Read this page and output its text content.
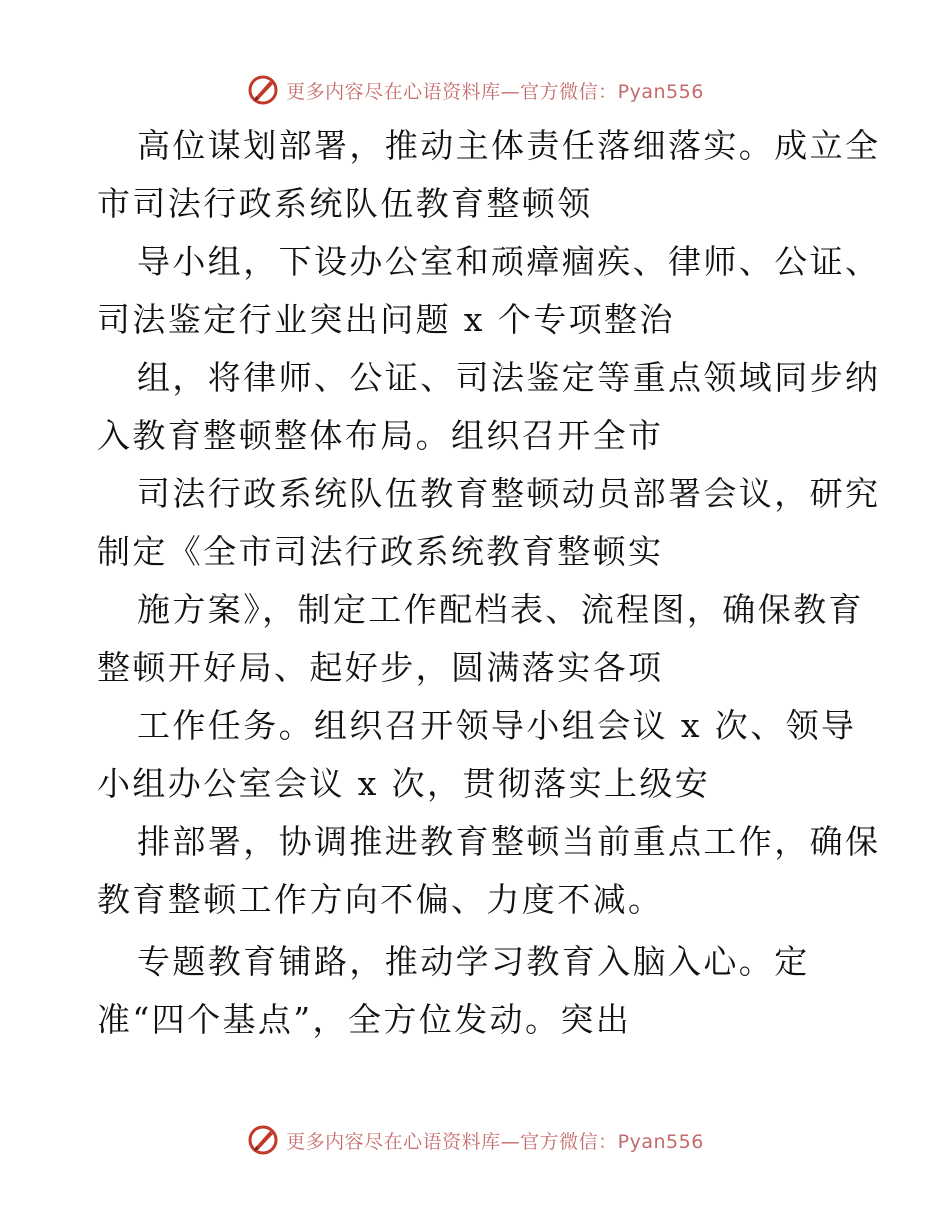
更多内容尽在心语资料库—官方微信：Pyan556
高位谋划部署，推动主体责任落细落实。成立全
市司法行政系统队伍教育整顿领
导小组，下设办公室和顽瘴痼疾、律师、公证、
司法鉴定行业突出问题 x 个专项整治
组，将律师、公证、司法鉴定等重点领域同步纳
入教育整顿整体布局。组织召开全市
司法行政系统队伍教育整顿动员部署会议，研究
制定《全市司法行政系统教育整顿实
施方案》，制定工作配档表、流程图，确保教育
整顿开好局、起好步，圆满落实各项
工作任务。组织召开领导小组会议 x 次、领导
小组办公室会议 x 次，贯彻落实上级安
排部署，协调推进教育整顿当前重点工作，确保
教育整顿工作方向不偏、力度不减。
专题教育铺路，推动学习教育入脑入心。定
准“四个基点”，全方位发动。突出
更多内容尽在心语资料库—官方微信：Pyan556
